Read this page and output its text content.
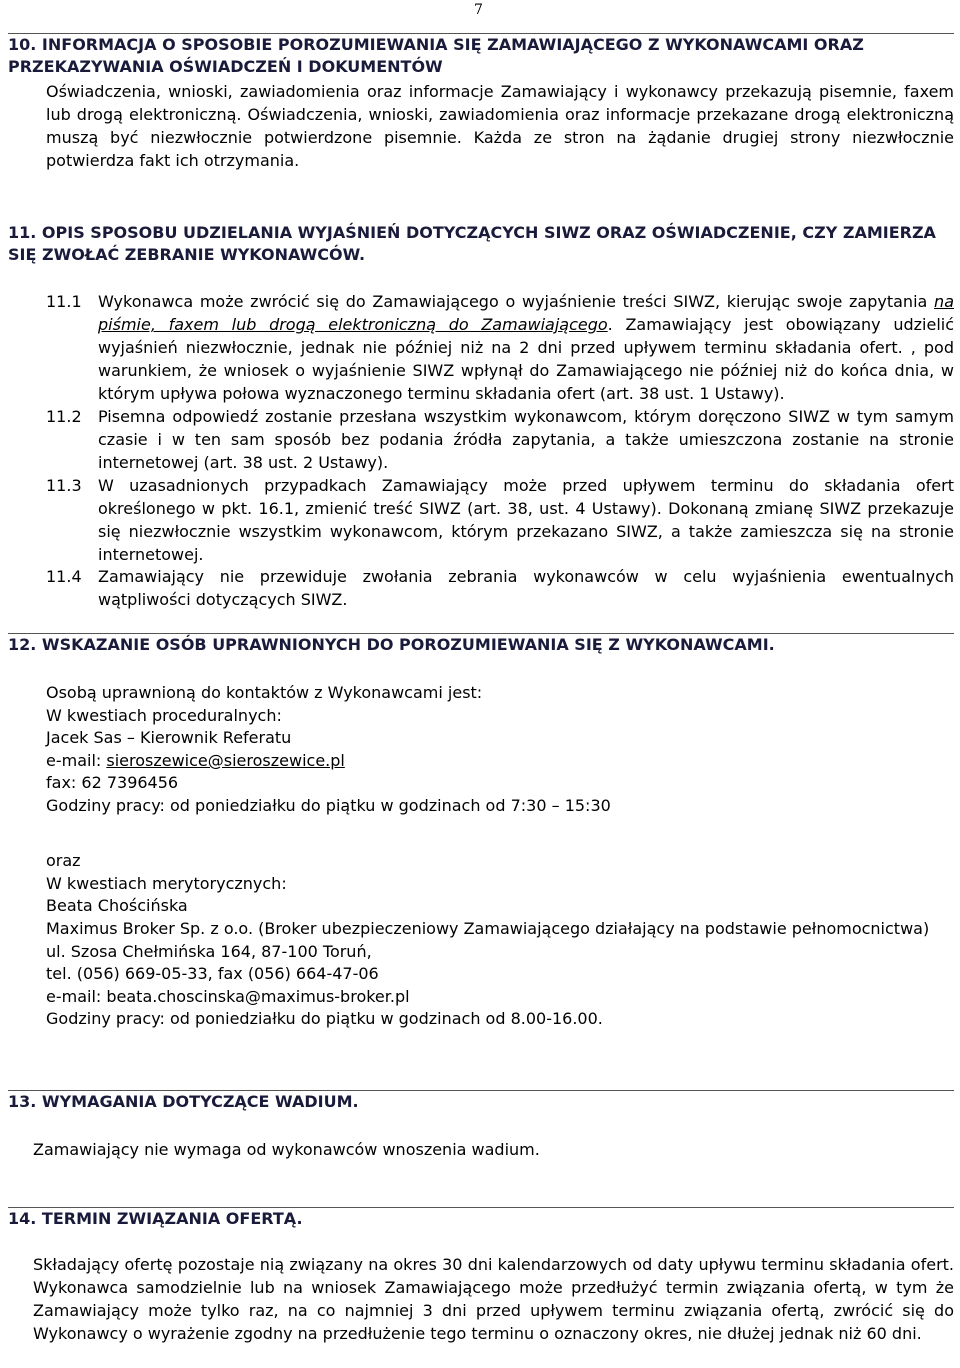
7
10. INFORMACJA O SPOSOBIE POROZUMIEWANIA SIĘ ZAMAWIAJĄCEGO Z WYKONAWCAMI ORAZ PRZEKAZYWANIA OŚWIADCZEŃ I DOKUMENTÓW
Oświadczenia, wnioski, zawiadomienia oraz informacje Zamawiający i wykonawcy przekazują pisemnie, faxem lub drogą elektroniczną. Oświadczenia, wnioski, zawiadomienia oraz informacje przekazane drogą elektroniczną muszą być niezwłocznie potwierdzone pisemnie. Każda ze stron na żądanie drugiej strony niezwłocznie potwierdza fakt ich otrzymania.
11. OPIS SPOSOBU UDZIELANIA WYJAŚNIEŃ DOTYCZĄCYCH SIWZ ORAZ OŚWIADCZENIE, CZY ZAMIERZA SIĘ ZWOŁAĆ ZEBRANIE WYKONAWCÓW.
11.1 Wykonawca może zwrócić się do Zamawiającego o wyjaśnienie treści SIWZ, kierując swoje zapytania na piśmie, faxem lub drogą elektroniczną do Zamawiającego. Zamawiający jest obowiązany udzielić wyjaśnień niezwłocznie, jednak nie później niż na 2 dni przed upływem terminu składania ofert. , pod warunkiem, że wniosek o wyjaśnienie SIWZ wpłynął do Zamawiającego nie później niż do końca dnia, w którym upływa połowa wyznaczonego terminu składania ofert (art. 38 ust. 1 Ustawy).
11.2 Pisemna odpowiedź zostanie przesłana wszystkim wykonawcom, którym doręczono SIWZ w tym samym czasie i w ten sam sposób bez podania źródła zapytania, a także umieszczona zostanie na stronie internetowej (art. 38 ust. 2 Ustawy).
11.3 W uzasadnionych przypadkach Zamawiający może przed upływem terminu do składania ofert określonego w pkt. 16.1, zmienić treść SIWZ (art. 38, ust. 4 Ustawy). Dokonaną zmianę SIWZ przekazuje się niezwłocznie wszystkim wykonawcom, którym przekazano SIWZ, a także zamieszcza się na stronie internetowej.
11.4 Zamawiający nie przewiduje zwołania zebrania wykonawców w celu wyjaśnienia ewentualnych wątpliwości dotyczących SIWZ.
12. WSKAZANIE OSÓB UPRAWNIONYCH DO POROZUMIEWANIA SIĘ Z WYKONAWCAMI.
Osobą uprawnioną do kontaktów z Wykonawcami jest:
W kwestiach proceduralnych:
Jacek Sas – Kierownik Referatu
e-mail: sieroszewice@sieroszewice.pl
fax: 62 7396456
Godziny pracy: od poniedziałku do piątku w godzinach od 7:30 – 15:30
oraz
W kwestiach merytorycznych:
Beata Chościńska
Maximus Broker Sp. z o.o. (Broker ubezpieczeniowy Zamawiającego działający na podstawie pełnomocnictwa)
ul. Szosa Chełmińska 164, 87-100 Toruń,
tel. (056) 669-05-33, fax (056) 664-47-06
e-mail: beata.choscinska@maximus-broker.pl
Godziny pracy: od poniedziałku do piątku w godzinach od 8.00-16.00.
13. WYMAGANIA DOTYCZĄCE WADIUM.
Zamawiający nie wymaga od wykonawców wnoszenia wadium.
14. TERMIN ZWIĄZANIA OFERTĄ.
Składający ofertę pozostaje nią związany na okres 30 dni kalendarzowych od daty upływu terminu składania ofert. Wykonawca samodzielnie lub na wniosek Zamawiającego może przedłużyć termin związania ofertą, w tym że Zamawiający może tylko raz, na co najmniej 3 dni przed upływem terminu związania ofertą, zwrócić się do Wykonawcy o wyrażenie zgodny na przedłużenie tego terminu o oznaczony okres, nie dłużej jednak niż 60 dni.
